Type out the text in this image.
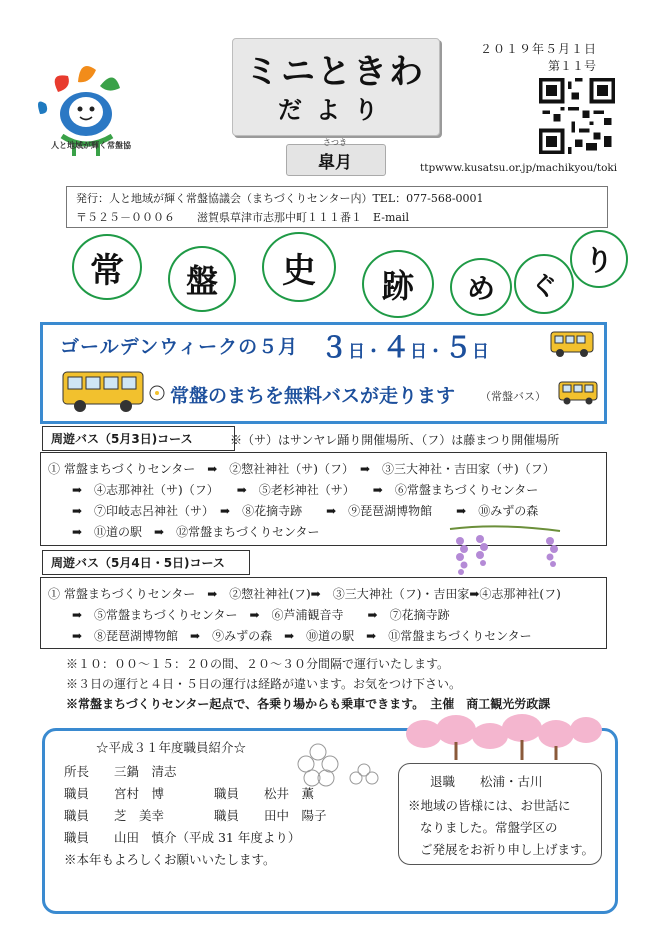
人と地域が輝く常盤協
ミニときわ
だより
さつき
皐月
２０１９年５月１日
第１１号
ttpwww.kusatsu.or.jp/machikyou/toki
発行：人と地域が輝く常盤協議会（まちづくりセンター内）TEL：077-568-0001
〒５２５－０００６　　滋賀県草津市志那中町１１１番１　E-mail
常	盤	史	跡	め	ぐ
り
ゴールデンウィークの５月 ３日・４日・５日
常盤のまちを無料バスが走ります （常盤バス）
周遊バス（5月3日)コース	※（サ）はサンヤレ踊り開催場所、（フ）は藤まつり開催場所
① 常盤まちづくりセンター　➡　②惣社神社（サ)（フ）　➡　③三大神社・吉田家（サ)（フ）
➡　④志那神社（サ)（フ）　　➡　⑤老杉神社（サ）　　➡　⑥常盤まちづくりセンター
➡　⑦印岐志呂神社（サ）　➡　⑧花摘寺跡　　➡　⑨琵琶湖博物館　　➡　⑩みずの森
➡　⑪道の駅　➡　⑫常盤まちづくりセンター
周遊バス（5月4日・5日)コース
① 常盤まちづくりセンター　➡　②惣社神社(フ)➡　③三大神社（フ)・吉田家➡④志那神社(フ)
➡　⑤常盤まちづくりセンター　➡　⑥芦浦観音寺　　➡　⑦花摘寺跡
➡　⑧琵琶湖博物館　➡　⑨みずの森　➡　⑩道の駅　➡　⑪常盤まちづくりセンター
※１０：００～１５：２０の間、２０～３０分間隔で運行いたします。
※３日の運行と４日・５日の運行は経路が違います。お気をつけ下さい。
※常盤まちづくりセンター起点で、各乗り場からも乗車できます。　主催　商工観光労政課
☆平成３１年度職員紹介☆
所長　　三鍋　清志
職員　　宮村　博　　　　職員　　松井　薫
職員　　芝　美幸　　　　職員　　田中　陽子
職員　　山田　慎介（平成 31 年度より）
※本年もよろしくお願いいたします。
退職　　松浦・古川
※地域の皆様には、お世話に
なりました。常盤学区の
ご発展をお祈り申し上げます。
